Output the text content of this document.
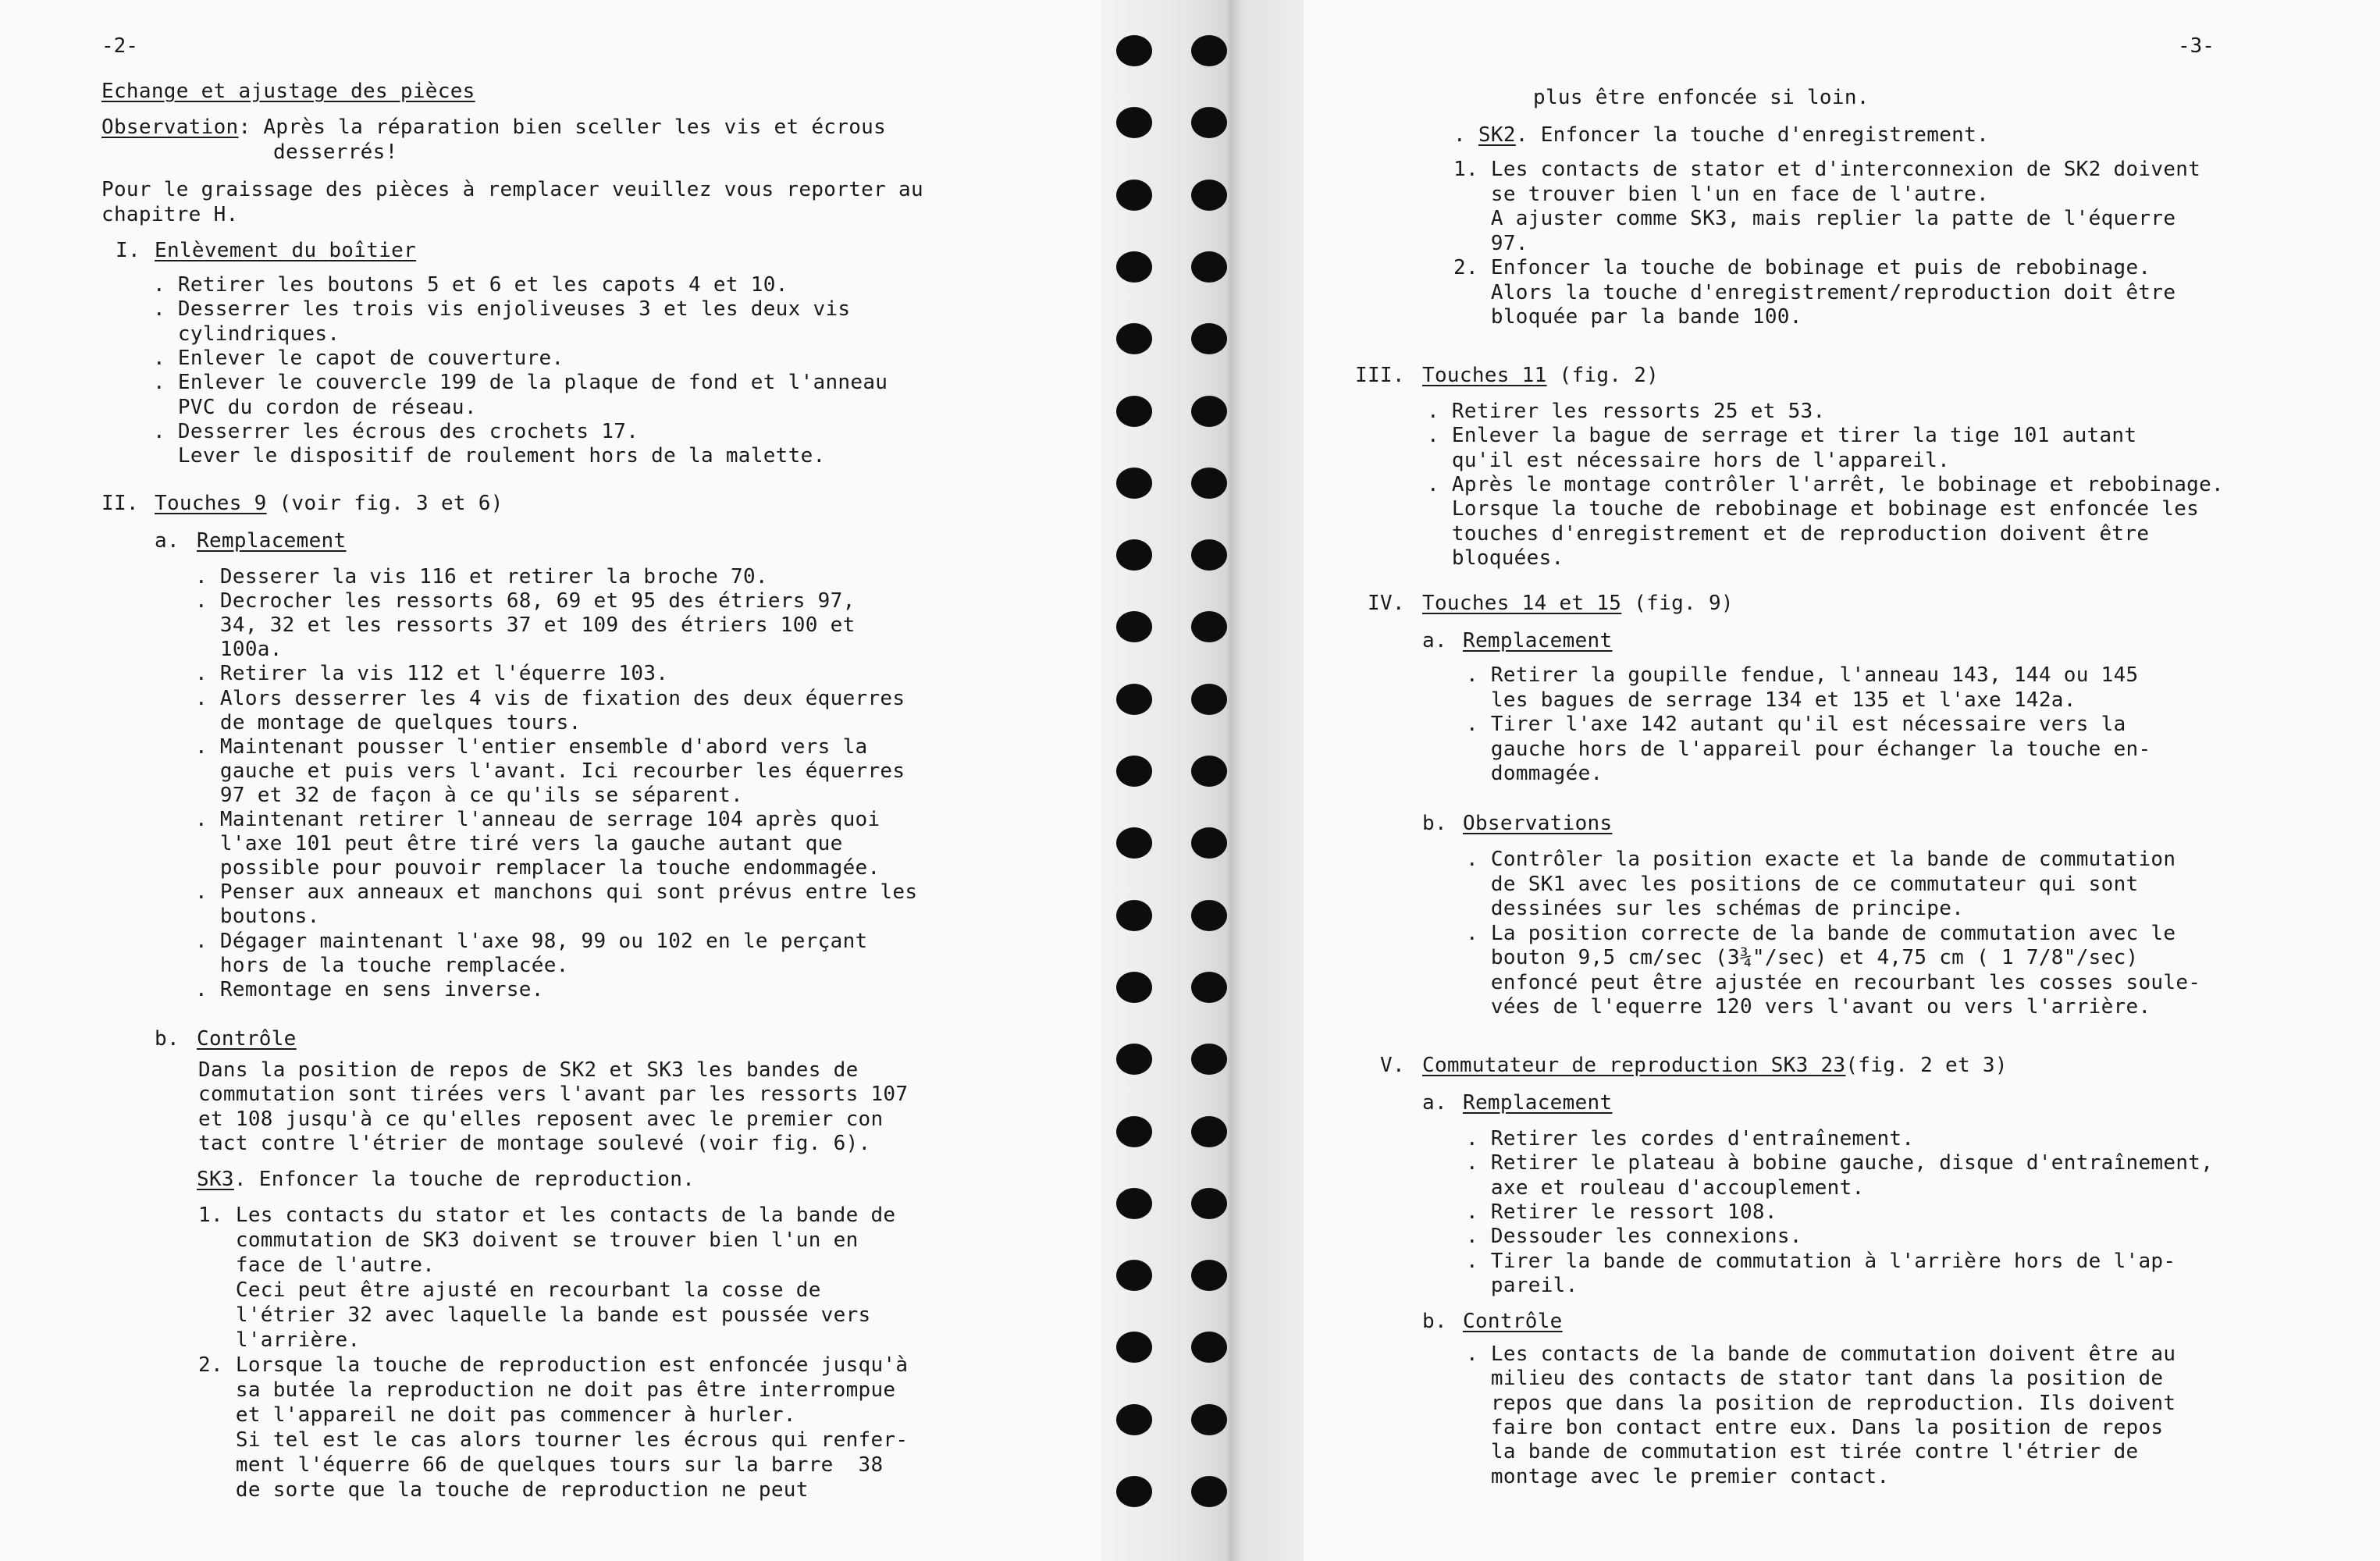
-2-
Echange et ajustage des pièces
Observation: Après la réparation bien sceller les vis et écrous
desserrés!
Pour le graissage des pièces à remplacer veuillez vous reporter au
chapitre H.
I. Enlèvement du boîtier
. Retirer les boutons 5 et 6 et les capots 4 et 10.
. Desserrer les trois vis enjoliveuses 3 et les deux vis
cylindriques.
. Enlever le capot de couverture.
. Enlever le couvercle 199 de la plaque de fond et l'anneau
PVC du cordon de réseau.
. Desserrer les écrous des crochets 17.
Lever le dispositif de roulement hors de la malette.
II. Touches 9 (voir fig. 3 et 6)
a. Remplacement
. Desserer la vis 116 et retirer la broche 70.
. Decrocher les ressorts 68, 69 et 95 des étriers 97,
34, 32 et les ressorts 37 et 109 des étriers 100 et
100a.
. Retirer la vis 112 et l'équerre 103.
. Alors desserrer les 4 vis de fixation des deux équerres
de montage de quelques tours.
. Maintenant pousser l'entier ensemble d'abord vers la
gauche et puis vers l'avant. Ici recourber les équerres
97 et 32 de façon à ce qu'ils se séparent.
. Maintenant retirer l'anneau de serrage 104 après quoi
l'axe 101 peut être tiré vers la gauche autant que
possible pour pouvoir remplacer la touche endommagée.
. Penser aux anneaux et manchons qui sont prévus entre les
boutons.
. Dégager maintenant l'axe 98, 99 ou 102 en le perçant
hors de la touche remplacée.
. Remontage en sens inverse.
b. Contrôle
Dans la position de repos de SK2 et SK3 les bandes de
commutation sont tirées vers l'avant par les ressorts 107
et 108 jusqu'à ce qu'elles reposent avec le premier con
tact contre l'étrier de montage soulevé (voir fig. 6).
SK3. Enfoncer la touche de reproduction.
1. Les contacts du stator et les contacts de la bande de
commutation de SK3 doivent se trouver bien l'un en
face de l'autre.
Ceci peut être ajusté en recourbant la cosse de
l'étrier 32 avec laquelle la bande est poussée vers
l'arrière.
2. Lorsque la touche de reproduction est enfoncée jusqu'à
sa butée la reproduction ne doit pas être interrompue
et l'appareil ne doit pas commencer à hurler.
Si tel est le cas alors tourner les écrous qui renfer-
ment l'équerre 66 de quelques tours sur la barre  38
de sorte que la touche de reproduction ne peut
-3-
plus être enfoncée si loin.
. SK2. Enfoncer la touche d'enregistrement.
1. Les contacts de stator et d'interconnexion de SK2 doivent
se trouver bien l'un en face de l'autre.
A ajuster comme SK3, mais replier la patte de l'équerre
97.
2. Enfoncer la touche de bobinage et puis de rebobinage.
Alors la touche d'enregistrement/reproduction doit être
bloquée par la bande 100.
III. Touches 11 (fig. 2)
. Retirer les ressorts 25 et 53.
. Enlever la bague de serrage et tirer la tige 101 autant
qu'il est nécessaire hors de l'appareil.
. Après le montage contrôler l'arrêt, le bobinage et rebobinage.
Lorsque la touche de rebobinage et bobinage est enfoncée les
touches d'enregistrement et de reproduction doivent être
bloquées.
IV. Touches 14 et 15 (fig. 9)
a. Remplacement
. Retirer la goupille fendue, l'anneau 143, 144 ou 145
les bagues de serrage 134 et 135 et l'axe 142a.
. Tirer l'axe 142 autant qu'il est nécessaire vers la
gauche hors de l'appareil pour échanger la touche en-
dommagée.
b. Observations
. Contrôler la position exacte et la bande de commutation
de SK1 avec les positions de ce commutateur qui sont
dessinées sur les schémas de principe.
. La position correcte de la bande de commutation avec le
bouton 9,5 cm/sec (3¾"/sec) et 4,75 cm ( 1 7/8"/sec)
enfoncé peut être ajustée en recourbant les cosses soule-
vées de l'equerre 120 vers l'avant ou vers l'arrière.
V. Commutateur de reproduction SK3 23(fig. 2 et 3)
a. Remplacement
. Retirer les cordes d'entraînement.
. Retirer le plateau à bobine gauche, disque d'entraînement,
axe et rouleau d'accouplement.
. Retirer le ressort 108.
. Dessouder les connexions.
. Tirer la bande de commutation à l'arrière hors de l'ap-
pareil.
b. Contrôle
. Les contacts de la bande de commutation doivent être au
milieu des contacts de stator tant dans la position de
repos que dans la position de reproduction. Ils doivent
faire bon contact entre eux. Dans la position de repos
la bande de commutation est tirée contre l'étrier de
montage avec le premier contact.
